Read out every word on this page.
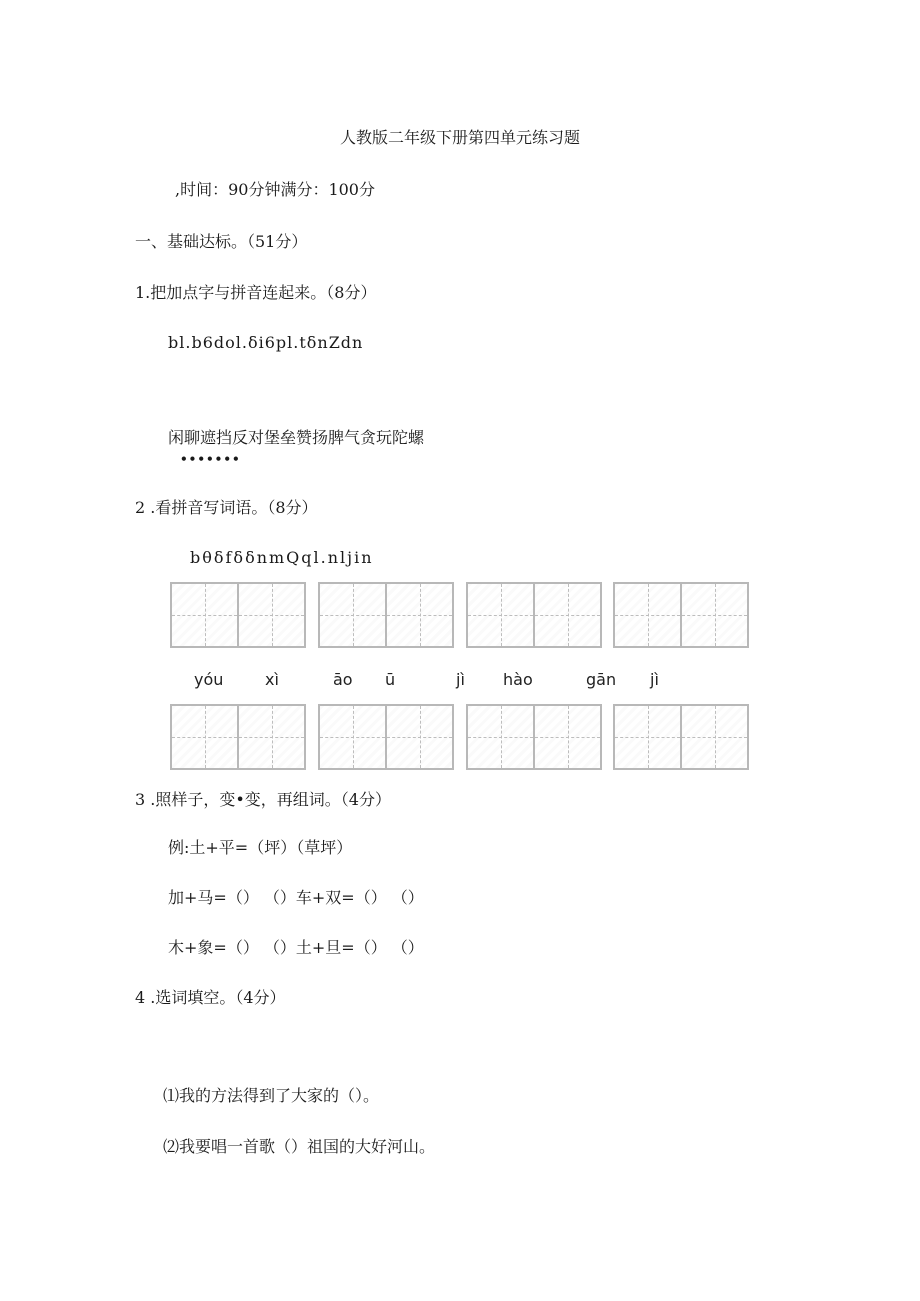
人教版二年级下册第四单元练习题
,时间：90分钟满分：100分
一、基础达标。（51分）
1.把加点字与拼音连起来。（8分）
bl.b6dol.δi6pl.tδnZdn
闲聊遮挡反对堡垒赞扬脾气贪玩陀螺
•••••••
2 .看拼音写词语。（8分）
bθδfδδnmQql.nljin
yóu	xì	āo ū	jì hào	gān jì
3 .照样子，变•变，再组词。（4分）
例:土+平=（坪）（草坪）
加+马=（） （）车+双=（） （）
木+象=（） （）土+旦=（） （）
4 .选词填空。（4分）
⑴我的方法得到了大家的（）。
⑵我要唱一首歌（）祖国的大好河山。
